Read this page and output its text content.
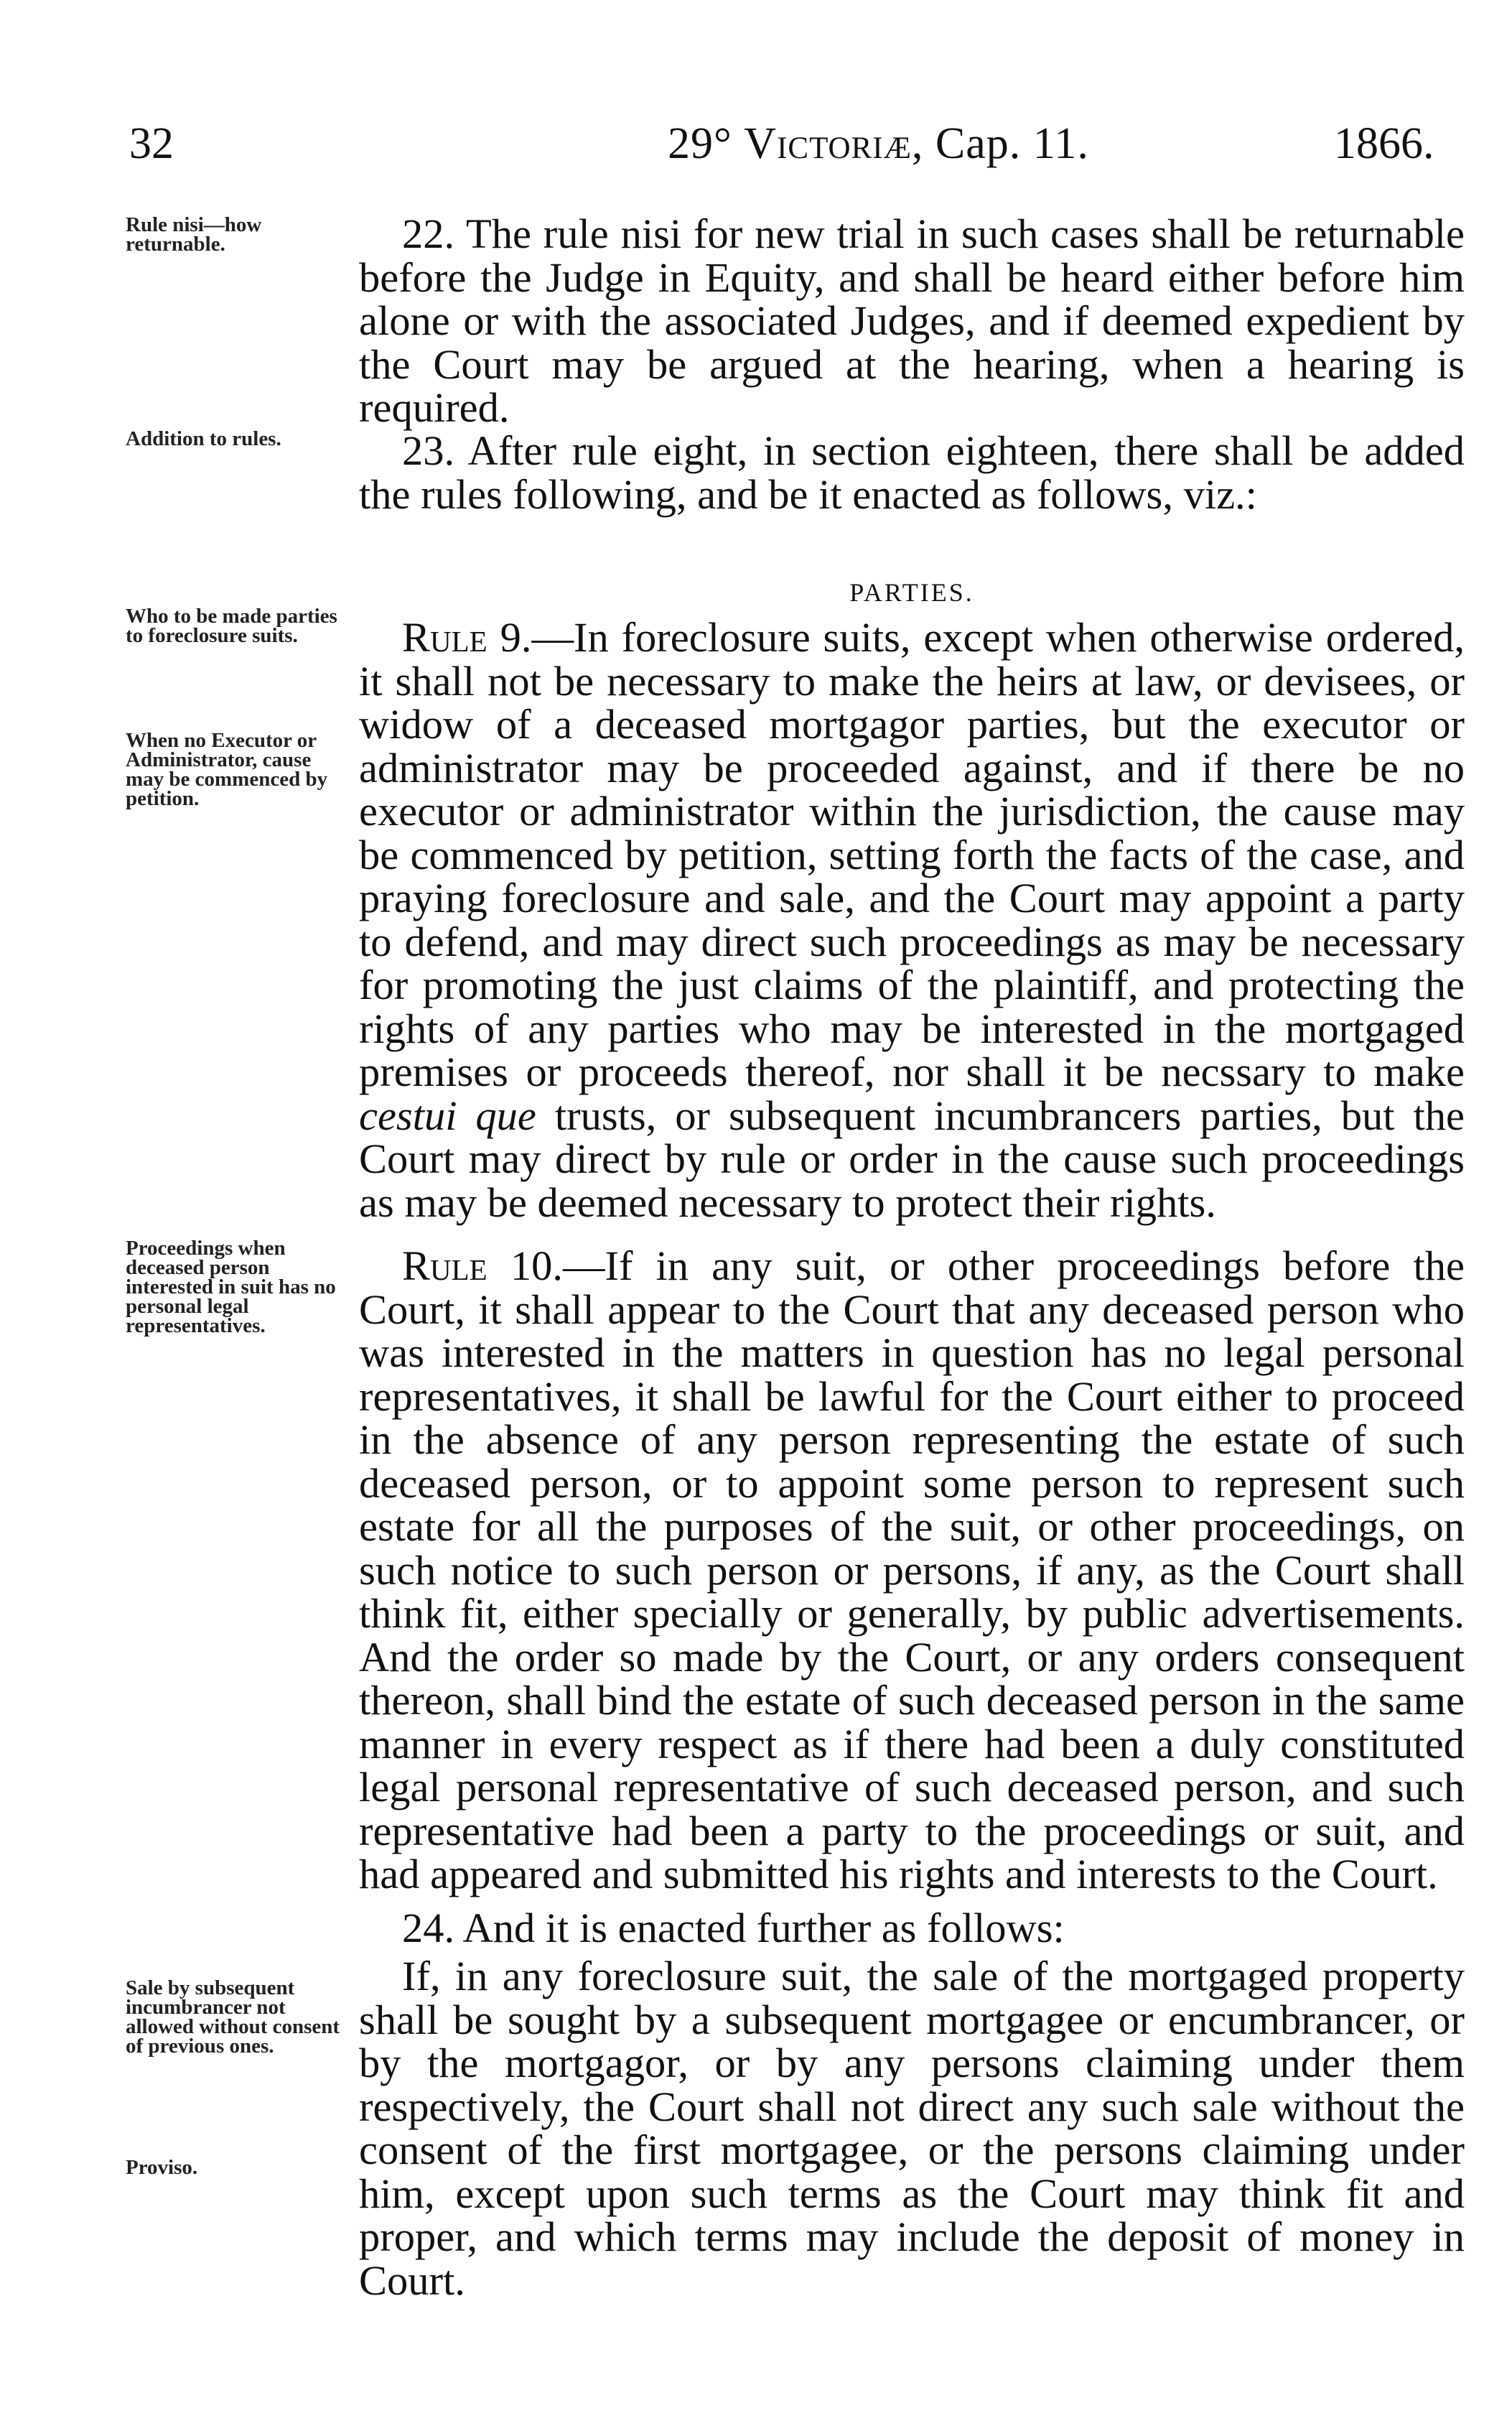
32	29° Victoriæ, Cap. 11.	1866.
Rule nisi—how returnable.
Addition to rules.
Who to be made parties to foreclosure suits.
When no Executor or Administrator, cause may be commenced by petition.
Proceedings when deceased person interested in suit has no personal legal representatives.
Sale by subsequent incumbrancer not allowed without consent of previous ones.
Proviso.

22. The rule nisi for new trial in such cases shall be returnable before the Judge in Equity, and shall be heard either before him alone or with the associated Judges, and if deemed expedient by the Court may be argued at the hearing, when a hearing is required.

23. After rule eight, in section eighteen, there shall be added the rules following, and be it enacted as follows, viz.:

PARTIES.

Rule 9.—In foreclosure suits, except when otherwise ordered, it shall not be necessary to make the heirs at law, or devisees, or widow of a deceased mortgagor parties, but the executor or administrator may be proceeded against, and if there be no executor or administrator within the jurisdiction, the cause may be commenced by petition, setting forth the facts of the case, and praying foreclosure and sale, and the Court may appoint a party to defend, and may direct such proceedings as may be necessary for promoting the just claims of the plaintiff, and protecting the rights of any parties who may be interested in the mortgaged premises or proceeds thereof, nor shall it be necssary to make cestui que trusts, or subsequent incumbrancers parties, but the Court may direct by rule or order in the cause such proceedings as may be deemed necessary to protect their rights.

Rule 10.—If in any suit, or other proceedings before the Court, it shall appear to the Court that any deceased person who was interested in the matters in question has no legal personal representatives, it shall be lawful for the Court either to proceed in the absence of any person representing the estate of such deceased person, or to appoint some person to represent such estate for all the purposes of the suit, or other proceedings, on such notice to such person or persons, if any, as the Court shall think fit, either specially or generally, by public advertisements. And the order so made by the Court, or any orders consequent thereon, shall bind the estate of such deceased person in the same manner in every respect as if there had been a duly constituted legal personal representative of such deceased person, and such representative had been a party to the proceedings or suit, and had appeared and submitted his rights and interests to the Court.

24. And it is enacted further as follows:

If, in any foreclosure suit, the sale of the mortgaged property shall be sought by a subsequent mortgagee or encumbrancer, or by the mortgagor, or by any persons claiming under them respectively, the Court shall not direct any such sale without the consent of the first mortgagee, or the persons claiming under him, except upon such terms as the Court may think fit and proper, and which terms may include the deposit of money in Court.
